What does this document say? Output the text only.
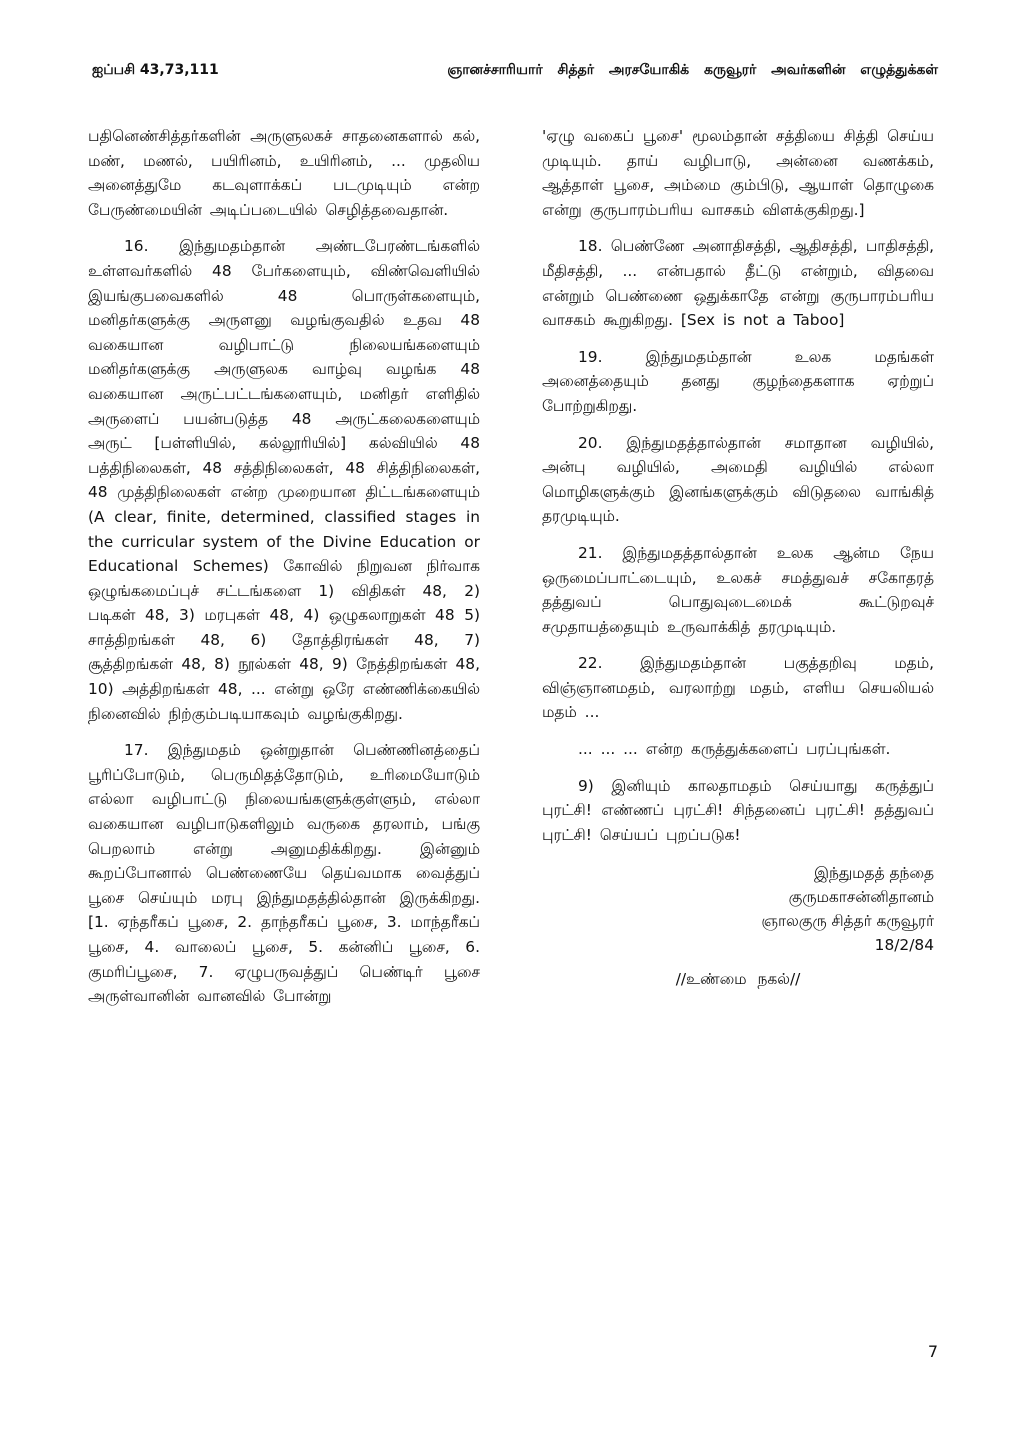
ஐப்பசி 43,73,111	ஞானச்சாரியார் சித்தர் அரசயோகிக் கருவூரர் அவர்களின் எழுத்துக்கள்

பதினெண்சித்தர்களின் அருளுலகச் சாதனைகளால் கல், மண், மணல், பயிரினம், உயிரினம், ... முதலிய அனைத்துமே கடவுளாக்கப் படமுடியும் என்ற பேருண்மையின் அடிப்படையில் செழித்தவைதான்.

16. இந்துமதம்தான் அண்டபேரண்டங்களில் உள்ளவர்களில் 48 பேர்களையும், விண்வெளியில் இயங்குபவைகளில் 48 பொருள்களையும், மனிதர்களுக்கு அருளனு வழங்குவதில் உதவ 48 வகையான வழிபாட்டு நிலையங்களையும் மனிதர்களுக்கு அருளுலக வாழ்வு வழங்க 48 வகையான அருட்பட்டங்களையும், மனிதர் எளிதில் அருளைப் பயன்படுத்த 48 அருட்கலைகளையும் அருட் [பள்ளியில், கல்லூரியில்] கல்வியில் 48 பத்திநிலைகள், 48 சத்திநிலைகள், 48 சித்திநிலைகள், 48 முத்திநிலைகள் என்ற முறையான திட்டங்களையும் (A clear, finite, determined, classified stages in the curricular system of the Divine Education or Educational Schemes) கோவில் நிறுவன நிர்வாக ஒழுங்கமைப்புச் சட்டங்களை 1) விதிகள் 48, 2) படிகள் 48, 3) மரபுகள் 48, 4) ஒழுகலாறுகள் 48 5) சாத்திறங்கள் 48, 6) தோத்திரங்கள் 48, 7) சூத்திறங்கள் 48, 8) நூல்கள் 48, 9) நேத்திறங்கள் 48, 10) அத்திறங்கள் 48, ... என்று ஒரே எண்ணிக்கையில் நினைவில் நிற்கும்படியாகவும் வழங்குகிறது.

17. இந்துமதம் ஒன்றுதான் பெண்ணினத்தைப் பூரிப்போடும், பெருமிதத்தோடும், உரிமையோடும் எல்லா வழிபாட்டு நிலையங்களுக்குள்ளும், எல்லா வகையான வழிபாடுகளிலும் வருகை தரலாம், பங்கு பெறலாம் என்று அனுமதிக்கிறது. இன்னும் கூறப்போனால் பெண்ணையே தெய்வமாக வைத்துப் பூசை செய்யும் மரபு இந்துமதத்தில்தான் இருக்கிறது. [1. ஏந்தரீகப் பூசை, 2. தாந்தரீகப் பூசை, 3. மாந்தரீகப் பூசை, 4. வாலைப் பூசை, 5. கன்னிப் பூசை, 6. குமரிப்பூசை, 7. ஏழுபருவத்துப் பெண்டிர் பூசை அருள்வானின் வானவில் போன்று

'ஏழு வகைப் பூசை' மூலம்தான் சத்தியை சித்தி செய்ய முடியும். தாய் வழிபாடு, அன்னை வணக்கம், ஆத்தாள் பூசை, அம்மை கும்பிடு, ஆயாள் தொழுகை என்று குருபாரம்பரிய வாசகம் விளக்குகிறது.]

18. பெண்ணே அனாதிசத்தி, ஆதிசத்தி, பாதிசத்தி, மீதிசத்தி, ... என்பதால் தீட்டு என்றும், விதவை என்றும் பெண்ணை ஒதுக்காதே என்று குருபாரம்பரிய வாசகம் கூறுகிறது. [Sex is not a Taboo]

19. இந்துமதம்தான் உலக மதங்கள் அனைத்தையும் தனது குழந்தைகளாக ஏற்றுப் போற்றுகிறது.

20. இந்துமதத்தால்தான் சமாதான வழியில், அன்பு வழியில், அமைதி வழியில் எல்லா மொழிகளுக்கும் இனங்களுக்கும் விடுதலை வாங்கித் தரமுடியும்.

21. இந்துமதத்தால்தான் உலக ஆன்ம நேய ஒருமைப்பாட்டையும், உலகச் சமத்துவச் சகோதரத் தத்துவப் பொதுவுடைமைக் கூட்டுறவுச் சமுதாயத்தையும் உருவாக்கித் தரமுடியும்.

22. இந்துமதம்தான் பகுத்தறிவு மதம், விஞ்ஞானமதம், வரலாற்று மதம், எளிய செயலியல் மதம் ...

... ... ... என்ற கருத்துக்களைப் பரப்புங்கள்.

9) இனியும் காலதாமதம் செய்யாது கருத்துப் புரட்சி! எண்ணப் புரட்சி! சிந்தனைப் புரட்சி! தத்துவப் புரட்சி! செய்யப் புறப்படுக!

இந்துமதத் தந்தை
குருமகாசன்னிதானம்
ஞாலகுரு சித்தர் கருவூரர்
18/2/84
//உண்மை நகல்//
7
